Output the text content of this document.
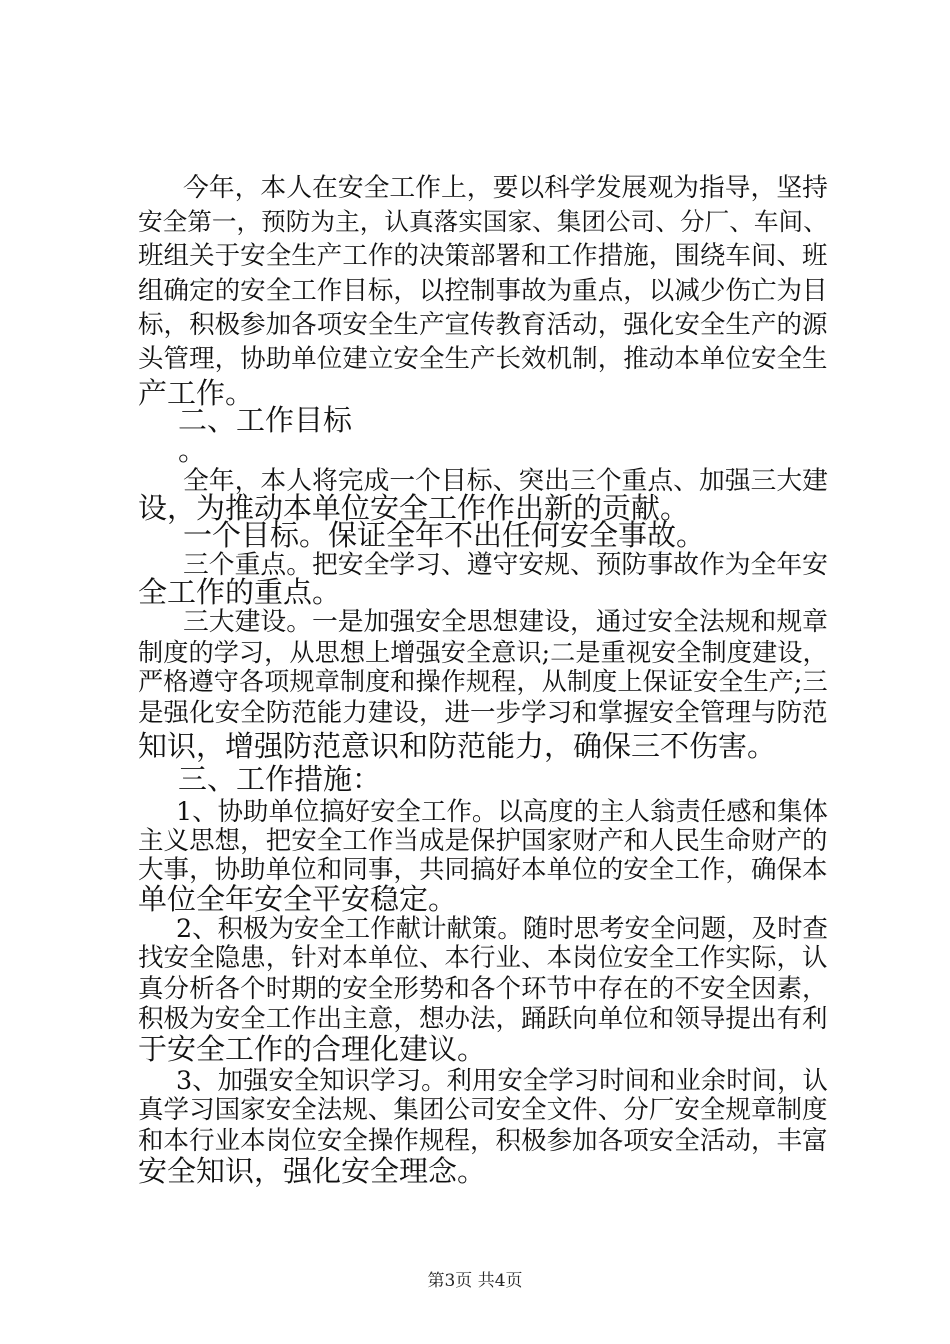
今年，本人在安全工作上，要以科学发展观为指导，坚持

安全第一，预防为主，认真落实国家、集团公司、分厂、车间、

班组关于安全生产工作的决策部署和工作措施，围绕车间、班

组确定的安全工作目标，以控制事故为重点，以减少伤亡为目

标，积极参加各项安全生产宣传教育活动，强化安全生产的源

头管理，协助单位建立安全生产长效机制，推动本单位安全生

产工作。

二、工作目标

。

全年，本人将完成一个目标、突出三个重点、加强三大建

设，为推动本单位安全工作作出新的贡献。

一个目标。保证全年不出任何安全事故。

三个重点。把安全学习、遵守安规、预防事故作为全年安

全工作的重点。

三大建设。一是加强安全思想建设，通过安全法规和规章

制度的学习，从思想上增强安全意识;二是重视安全制度建设，

严格遵守各项规章制度和操作规程，从制度上保证安全生产;三

是强化安全防范能力建设，进一步学习和掌握安全管理与防范

知识，增强防范意识和防范能力，确保三不伤害。

三、工作措施：

1、协助单位搞好安全工作。以高度的主人翁责任感和集体

主义思想，把安全工作当成是保护国家财产和人民生命财产的

大事，协助单位和同事，共同搞好本单位的安全工作，确保本

单位全年安全平安稳定。

2、积极为安全工作献计献策。随时思考安全问题，及时查

找安全隐患，针对本单位、本行业、本岗位安全工作实际，认

真分析各个时期的安全形势和各个环节中存在的不安全因素，

积极为安全工作出主意，想办法，踊跃向单位和领导提出有利

于安全工作的合理化建议。

3、加强安全知识学习。利用安全学习时间和业余时间，认

真学习国家安全法规、集团公司安全文件、分厂安全规章制度

和本行业本岗位安全操作规程，积极参加各项安全活动，丰富

安全知识，强化安全理念。

第3页 共4页
